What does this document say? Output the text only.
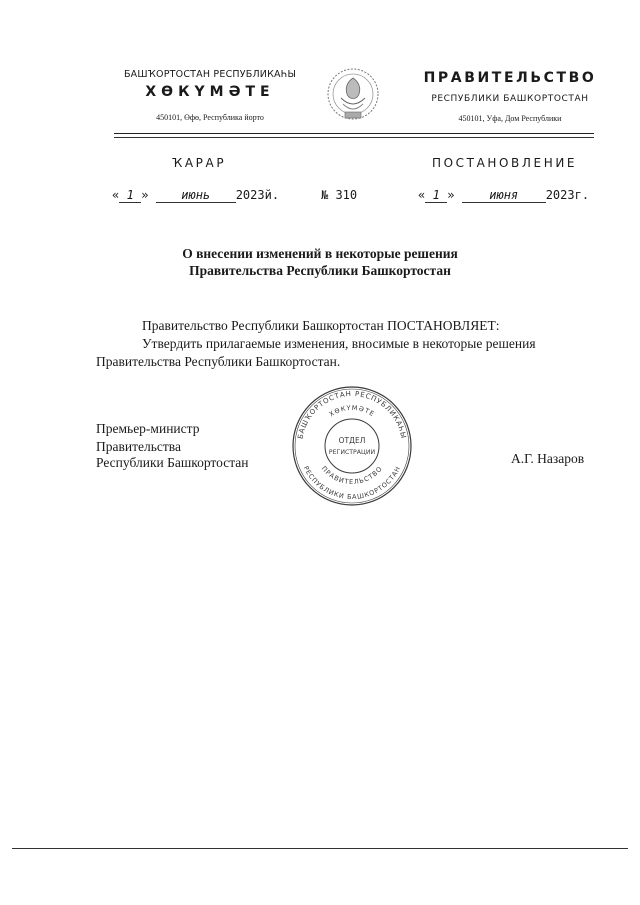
БАШҠОРТОСТАН РЕСПУБЛИКАҺЫ
ХӨКҮМӘТЕ
450101, Өфө, Республика йорто
ПРАВИТЕЛЬСТВО
РЕСПУБЛИКИ БАШКОРТОСТАН
450101, Уфа, Дом Республики
ҠАРАР	ПОСТАНОВЛЕНИЕ
« 1 »	июнь 2023й.	№ 310	« 1 »	июня 2023г.
О внесении изменений в некоторые решения
Правительства Республики Башкортостан
Правительство Республики Башкортостан ПОСТАНОВЛЯЕТ:
Утвердить прилагаемые изменения, вносимые в некоторые решения
Правительства Республики Башкортостан.
Премьер-министр
Правительства
Республики Башкортостан	А.Г. Назаров
БАШҠОРТОСТАН РЕСПУБЛИКАҺЫ
ХӨКҮМӘТЕ
ПРАВИТЕЛЬСТВО
РЕСПУБЛИКИ БАШКОРТОСТАН
ОТДЕЛ
РЕГИСТРАЦИИ
